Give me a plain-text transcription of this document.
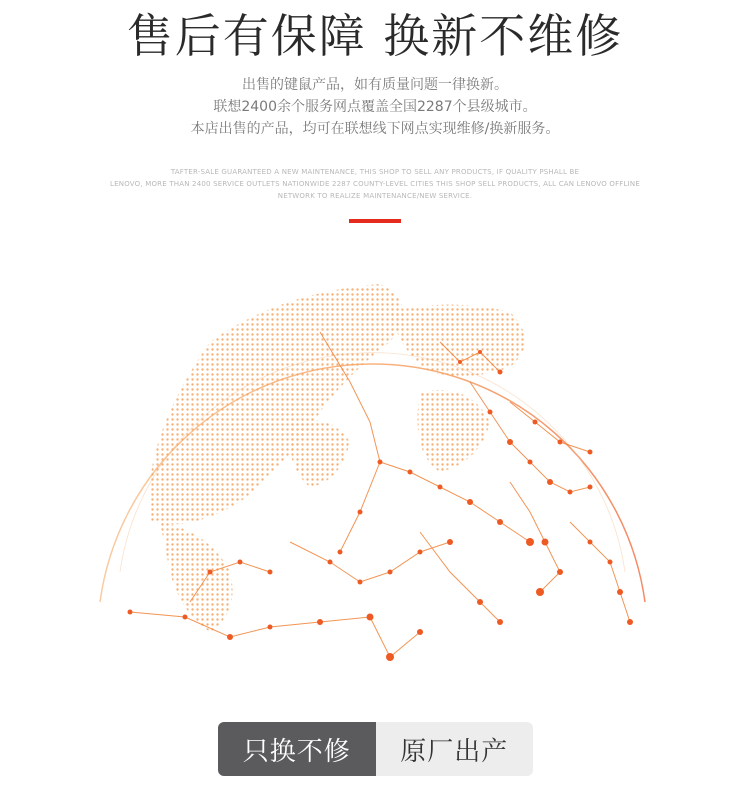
售后有保障 换新不维修
出售的键鼠产品，如有质量问题一律换新。
联想2400余个服务网点覆盖全国2287个县级城市。
本店出售的产品，均可在联想线下网点实现维修/换新服务。
TAFTER-SALE GUARANTEED A NEW MAINTENANCE, THIS SHOP TO SELL ANY PRODUCTS, IF QUALITY PSHALL BE
LENOVO, MORE THAN 2400 SERVICE OUTLETS NATIONWIDE 2287 COUNTY-LEVEL CITIES THIS SHOP SELL PRODUCTS, ALL CAN LENOVO OFFLINE
NETWORK TO REALIZE MAINTENANCE/NEW SERVICE.
只换不修	原厂出产
